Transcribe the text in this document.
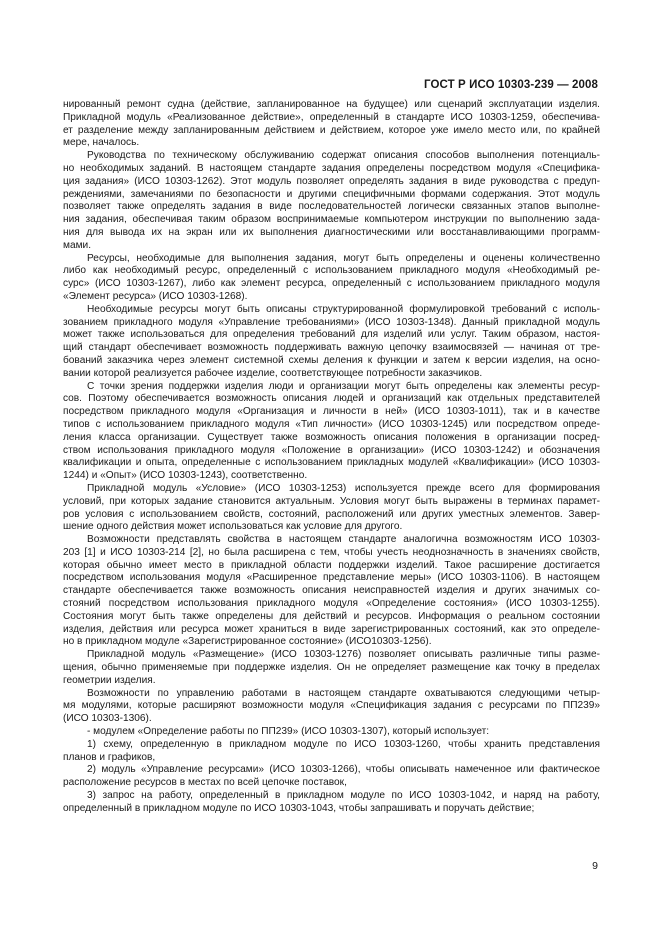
ГОСТ Р ИСО 10303-239 — 2008
нированный ремонт судна (действие, запланированное на будущее) или сценарий эксплуатации изделия.
Прикладной модуль «Реализованное действие», определенный в стандарте ИСО 10303-1259, обеспечива-
ет разделение между запланированным действием и действием, которое уже имело место или, по крайней
мере, началось.
Руководства по техническому обслуживанию содержат описания способов выполнения потенциаль-
но необходимых заданий. В настоящем стандарте задания определены посредством модуля «Специфика-
ция задания» (ИСО 10303-1262). Этот модуль позволяет определять задания в виде руководства с предуп-
реждениями, замечаниями по безопасности и другими специфичными формами содержания. Этот модуль
позволяет также определять задания в виде последовательностей логически связанных этапов выполне-
ния задания, обеспечивая таким образом воспринимаемые компьютером инструкции по выполнению зада-
ния для вывода их на экран или их выполнения диагностическими или восстанавливающими программ-
мами.
Ресурсы, необходимые для выполнения задания, могут быть определены и оценены количественно
либо как необходимый ресурс, определенный с использованием прикладного модуля «Необходимый ре-
сурс» (ИСО 10303-1267), либо как элемент ресурса, определенный с использованием прикладного модуля
«Элемент ресурса» (ИСО 10303-1268).
Необходимые ресурсы могут быть описаны структурированной формулировкой требований с исполь-
зованием прикладного модуля «Управление требованиями» (ИСО 10303-1348). Данный прикладной модуль
может также использоваться для определения требований для изделий или услуг. Таким образом, настоя-
щий стандарт обеспечивает возможность поддерживать важную цепочку взаимосвязей — начиная от тре-
бований заказчика через элемент системной схемы деления к функции и затем к версии изделия, на осно-
вании которой реализуется рабочее изделие, соответствующее потребности заказчиков.
С точки зрения поддержки изделия люди и организации могут быть определены как элементы ресур-
сов. Поэтому обеспечивается возможность описания людей и организаций как отдельных представителей
посредством прикладного модуля «Организация и личности в ней» (ИСО 10303-1011), так и в качестве
типов с использованием прикладного модуля «Тип личности» (ИСО 10303-1245) или посредством опреде-
ления класса организации. Существует также возможность описания положения в организации посред-
ством использования прикладного модуля «Положение в организации» (ИСО 10303-1242) и обозначения
квалификации и опыта, определенные с использованием прикладных модулей «Квалификации» (ИСО 10303-
1244) и «Опыт» (ИСО 10303-1243), соответственно.
Прикладной модуль «Условие» (ИСО 10303-1253) используется прежде всего для формирования
условий, при которых задание становится актуальным. Условия могут быть выражены в терминах парамет-
ров условия с использованием свойств, состояний, расположений или других уместных элементов. Завер-
шение одного действия может использоваться как условие для другого.
Возможности представлять свойства в настоящем стандарте аналогична возможностям ИСО 10303-
203 [1] и ИСО 10303-214 [2], но была расширена с тем, чтобы учесть неоднозначность в значениях свойств,
которая обычно имеет место в прикладной области поддержки изделий. Такое расширение достигается
посредством использования модуля «Расширенное представление меры» (ИСО 10303-1106). В настоящем
стандарте обеспечивается также возможность описания неисправностей изделия и других значимых со-
стояний посредством использования прикладного модуля «Определение состояния» (ИСО 10303-1255).
Состояния могут быть также определены для действий и ресурсов. Информация о реальном состоянии
изделия, действия или ресурса может храниться в виде зарегистрированных состояний, как это определе-
но в прикладном модуле «Зарегистрированное состояние» (ИСО10303-1256).
Прикладной модуль «Размещение» (ИСО 10303-1276) позволяет описывать различные типы разме-
щения, обычно применяемые при поддержке изделия. Он не определяет размещение как точку в пределах
геометрии изделия.
Возможности по управлению работами в настоящем стандарте охватываются следующими четыр-
мя модулями, которые расширяют возможности модуля «Спецификация задания с ресурсами по ПП239»
(ИСО 10303-1306).
- модулем «Определение работы по ПП239» (ИСО 10303-1307), который использует:
1) схему, определенную в прикладном модуле по ИСО 10303-1260, чтобы хранить представления
планов и графиков,
2) модуль «Управление ресурсами» (ИСО 10303-1266), чтобы описывать намеченное или фактическое
расположение ресурсов в местах по всей цепочке поставок,
3) запрос на работу, определенный в прикладном модуле по ИСО 10303-1042, и наряд на работу,
определенный в прикладном модуле по ИСО 10303-1043, чтобы запрашивать и поручать действие;
9
